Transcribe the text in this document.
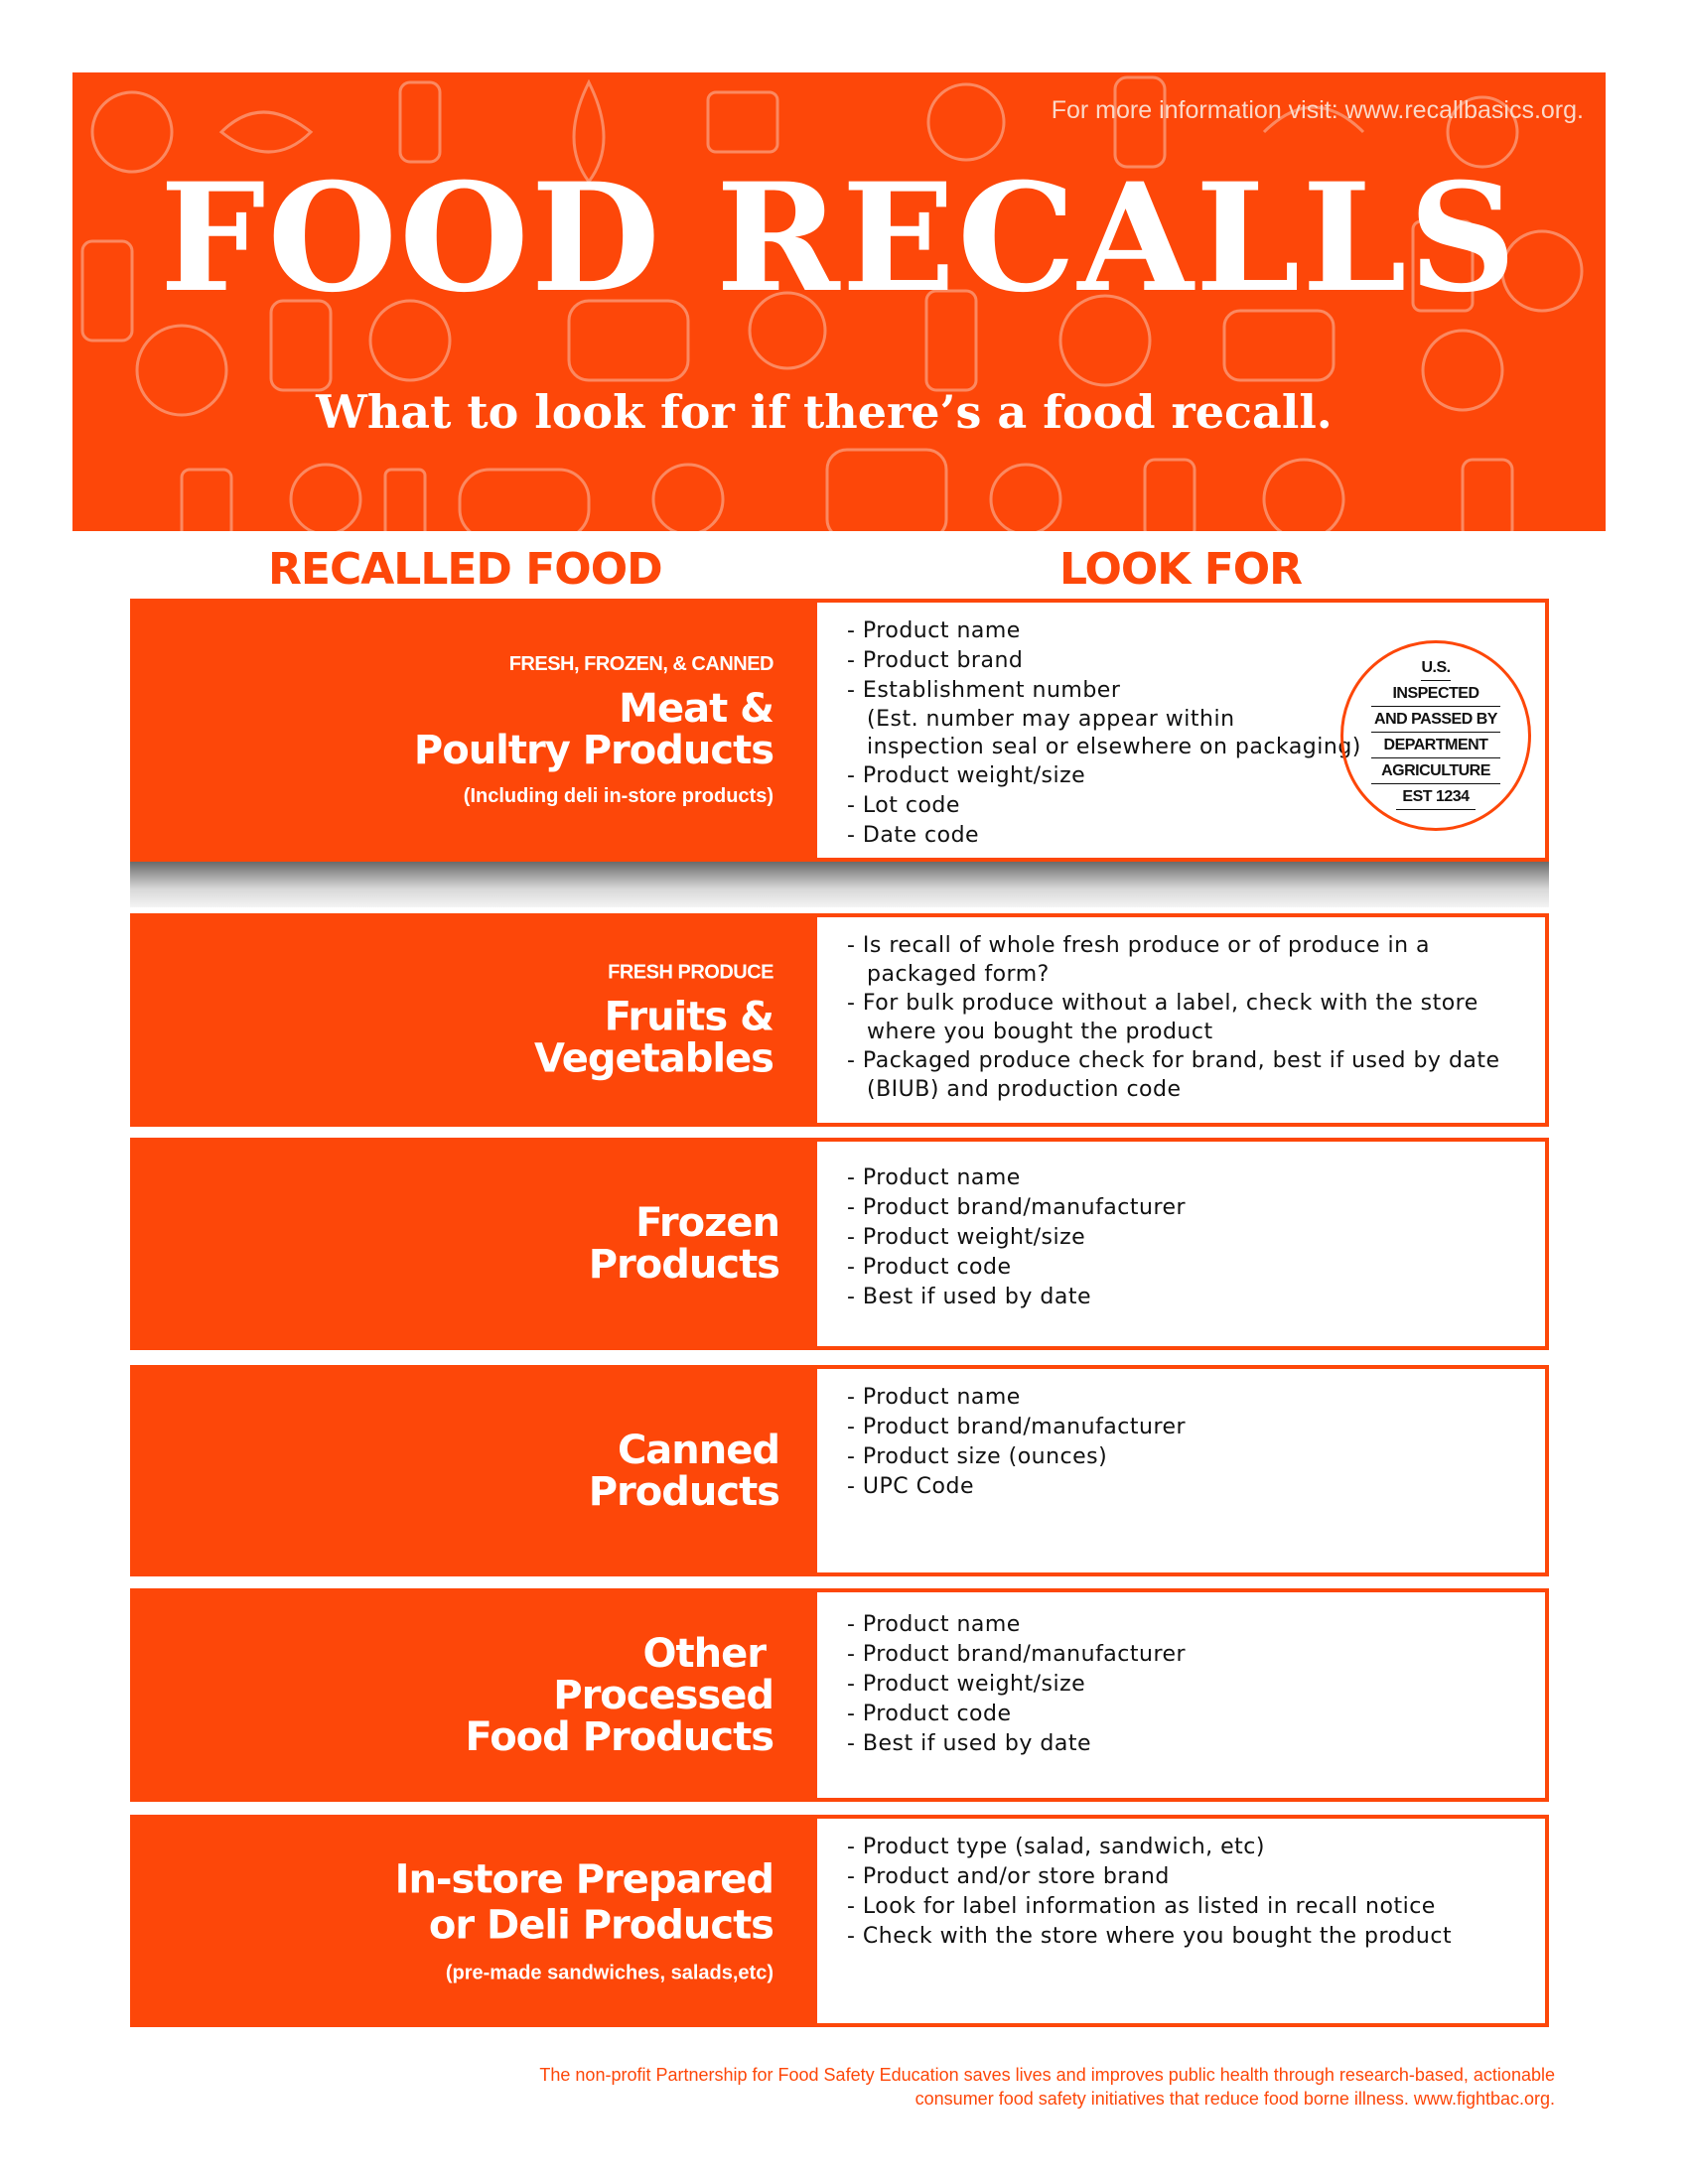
For more information visit: www.recallbasics.org.
FOOD RECALLS
What to look for if there’s a food recall.
RECALLED FOOD	LOOK FOR
FRESH, FROZEN, & CANNED
Meat &
Poultry Products
(Including deli in-store products)
- Product name
- Product brand
- Establishment number
(Est. number may appear within
inspection seal or elsewhere on packaging)
- Product weight/size
- Lot code
- Date code
U.S.
INSPECTED
AND PASSED BY
DEPARTMENT
AGRICULTURE
EST 1234
FRESH PRODUCE
Fruits &
Vegetables
- Is recall of whole fresh produce or of produce in a
packaged form?
- For bulk produce without a label, check with the store
where you bought the product
- Packaged produce check for brand, best if used by date
(BIUB) and production code
Frozen
Products
- Product name
- Product brand/manufacturer
- Product weight/size
- Product code
- Best if used by date
Canned
Products
- Product name
- Product brand/manufacturer
- Product size (ounces)
- UPC Code
Other
Processed
Food Products
- Product name
- Product brand/manufacturer
- Product weight/size
- Product code
- Best if used by date
In-store Prepared
or Deli Products
(pre-made sandwiches, salads,etc)
- Product type (salad, sandwich, etc)
- Product and/or store brand
- Look for label information as listed in recall notice
- Check with the store where you bought the product
The non-profit Partnership for Food Safety Education saves lives and improves public health through research-based, actionable
consumer food safety initiatives that reduce food borne illness. www.fightbac.org.
